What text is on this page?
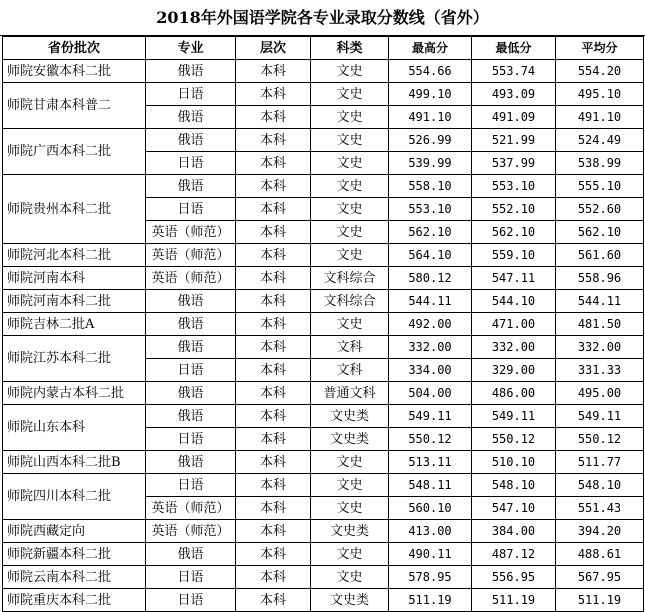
2018年外国语学院各专业录取分数线（省外）
省份批次	专业	层次	科类	最高分	最低分	平均分
师院安徽本科二批	俄语	本科	文史	554.66	553.74	554.20
师院甘肃本科普二	日语	本科	文史	499.10	493.09	495.10
	俄语	本科	文史	491.10	491.09	491.10
师院广西本科二批	俄语	本科	文史	526.99	521.99	524.49
	日语	本科	文史	539.99	537.99	538.99
师院贵州本科二批	俄语	本科	文史	558.10	553.10	555.10
	日语	本科	文史	553.10	552.10	552.60
	英语（师范）	本科	文史	562.10	562.10	562.10
师院河北本科二批	英语（师范）	本科	文史	564.10	559.10	561.60
师院河南本科	英语（师范）	本科	文科综合	580.12	547.11	558.96
师院河南本科二批	俄语	本科	文科综合	544.11	544.10	544.11
师院吉林二批A	俄语	本科	文史	492.00	471.00	481.50
师院江苏本科二批	俄语	本科	文科	332.00	332.00	332.00
	日语	本科	文科	334.00	329.00	331.33
师院内蒙古本科二批	俄语	本科	普通文科	504.00	486.00	495.00
师院山东本科	俄语	本科	文史类	549.11	549.11	549.11
	日语	本科	文史类	550.12	550.12	550.12
师院山西本科二批B	俄语	本科	文史	513.11	510.10	511.77
师院四川本科二批	日语	本科	文史	548.11	548.10	548.10
	英语（师范）	本科	文史	560.10	547.10	551.43
师院西藏定向	英语（师范）	本科	文史类	413.00	384.00	394.20
师院新疆本科二批	俄语	本科	文史	490.11	487.12	488.61
师院云南本科二批	日语	本科	文史	578.95	556.95	567.95
师院重庆本科二批	日语	本科	文史类	511.19	511.19	511.19
